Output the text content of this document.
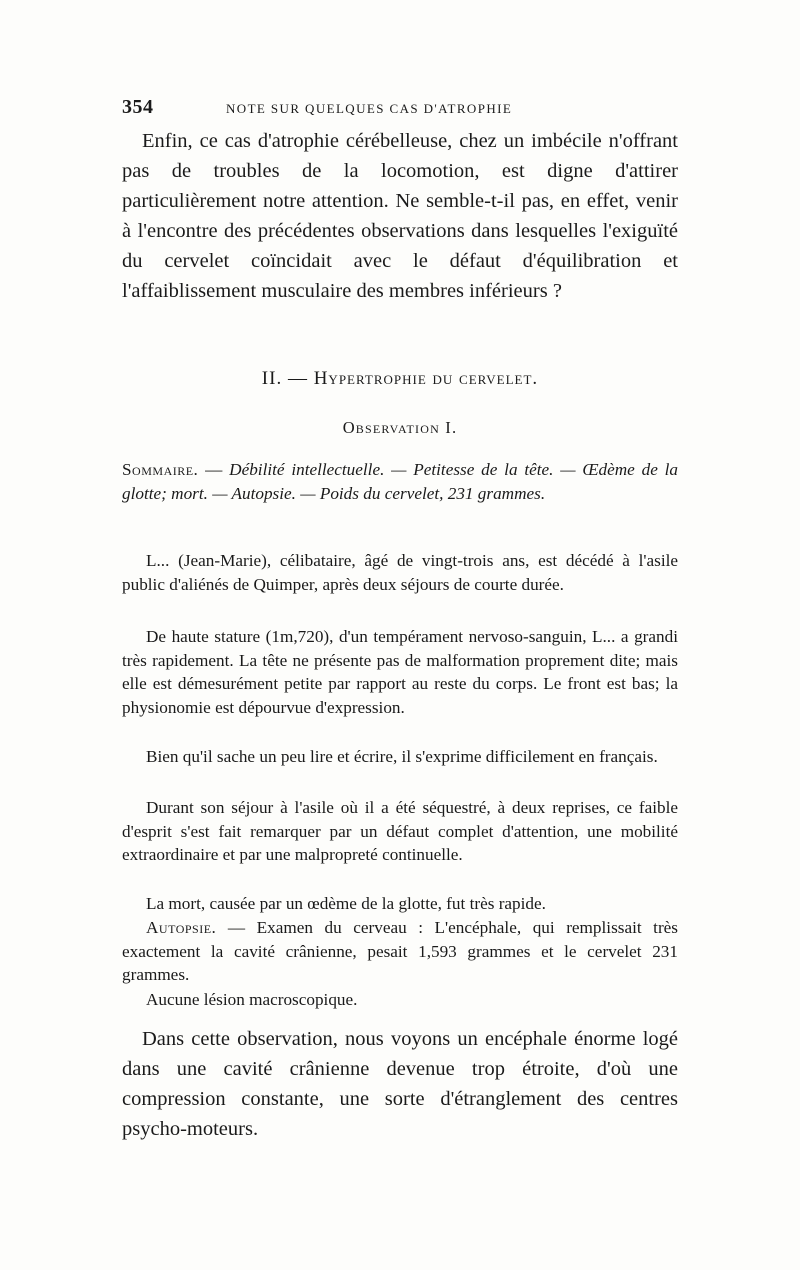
354	NOTE SUR QUELQUES CAS D'ATROPHIE

Enfin, ce cas d'atrophie cérébelleuse, chez un imbécile n'offrant pas de troubles de la locomotion, est digne d'attirer particulièrement notre attention. Ne semble-t-il pas, en effet, venir à l'encontre des précédentes observations dans lesquelles l'exiguïté du cervelet coïncidait avec le défaut d'équilibration et l'affaiblissement musculaire des membres inférieurs ?

II. — Hypertrophie du cervelet.
Observation I.
Sommaire. — Débilité intellectuelle. — Petitesse de la tête. — Œdème de la glotte; mort. — Autopsie. — Poids du cervelet, 231 grammes.

L... (Jean-Marie), célibataire, âgé de vingt-trois ans, est décédé à l'asile public d'aliénés de Quimper, après deux séjours de courte durée.

De haute stature (1m,720), d'un tempérament nervoso-sanguin, L... a grandi très rapidement. La tête ne présente pas de malformation proprement dite; mais elle est démesurément petite par rapport au reste du corps. Le front est bas; la physionomie est dépourvue d'expression.

Bien qu'il sache un peu lire et écrire, il s'exprime difficilement en français.

Durant son séjour à l'asile où il a été séquestré, à deux reprises, ce faible d'esprit s'est fait remarquer par un défaut complet d'attention, une mobilité extraordinaire et par une malpropreté continuelle.

La mort, causée par un œdème de la glotte, fut très rapide.

Autopsie. — Examen du cerveau : L'encéphale, qui remplissait très exactement la cavité crânienne, pesait 1,593 grammes et le cervelet 231 grammes.

Aucune lésion macroscopique.

Dans cette observation, nous voyons un encéphale énorme logé dans une cavité crânienne devenue trop étroite, d'où une compression constante, une sorte d'étranglement des centres psycho-moteurs.
